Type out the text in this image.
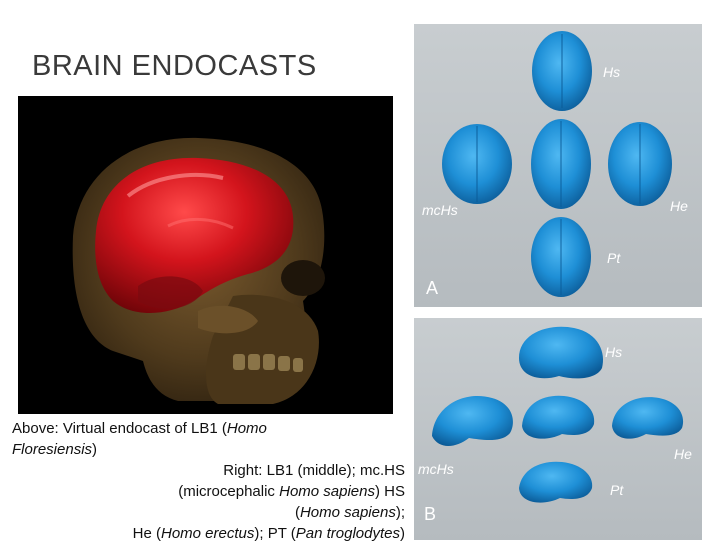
BRAIN ENDOCASTS
Above: Virtual endocast of LB1 (Homo
Floresiensis)
Right: LB1 (middle); mc.HS
(microcephalic Homo sapiens) HS
(Homo sapiens);
He (Homo erectus); PT (Pan troglodytes)
Hs
mcHs	He
Pt
A
Hs
mcHs
He
Pt
B
